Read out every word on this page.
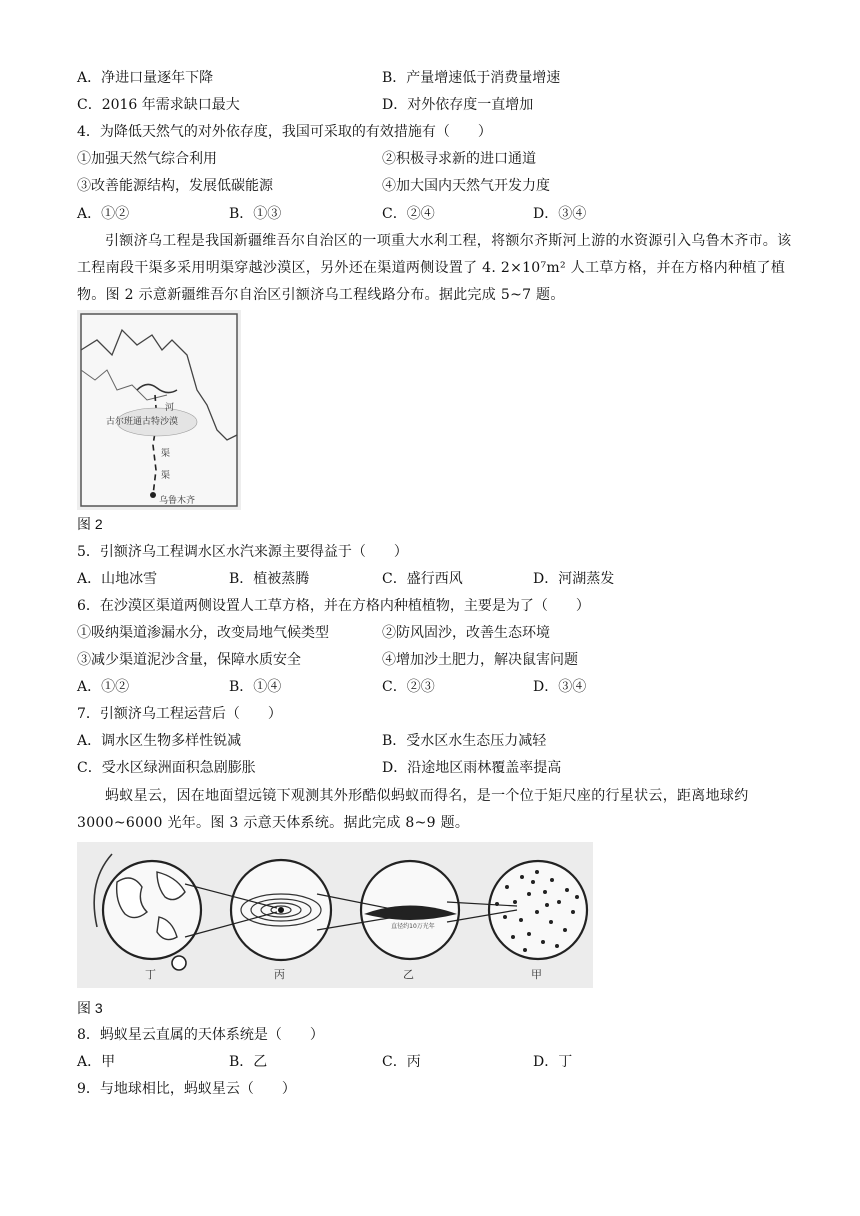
A．净进口量逐年下降	B．产量增速低于消费量增速
C．2016 年需求缺口最大	D．对外依存度一直增加
4．为降低天然气的对外依存度，我国可采取的有效措施有（　　）
①加强天然气综合利用	②积极寻求新的进口通道
③改善能源结构，发展低碳能源	④加大国内天然气开发力度
A．①②	B．①③	C．②④	D．③④
引额济乌工程是我国新疆维吾尔自治区的一项重大水利工程，将额尔齐斯河上游的水资源引入乌鲁木齐市。该工程南段干渠多采用明渠穿越沙漠区，另外还在渠道两侧设置了 4. 2×10⁷m² 人工草方格，并在方格内种植了植物。图 2 示意新疆维吾尔自治区引额济乌工程线路分布。据此完成 5~7 题。
古尔班通古特沙漠
乌鲁木齐
河
渠
渠
图 2
5．引额济乌工程调水区水汽来源主要得益于（　　）
A．山地冰雪	B．植被蒸腾	C．盛行西风	D．河湖蒸发
6．在沙漠区渠道两侧设置人工草方格，并在方格内种植植物，主要是为了（　　）
①吸纳渠道渗漏水分，改变局地气候类型	②防风固沙，改善生态环境
③减少渠道泥沙含量，保障水质安全	④增加沙土肥力，解决鼠害问题
A．①②	B．①④	C．②③	D．③④
7．引额济乌工程运营后（　　）
A．调水区生物多样性锐减	B．受水区水生态压力减轻
C．受水区绿洲面积急剧膨胀	D．沿途地区雨林覆盖率提高
蚂蚁星云，因在地面望远镜下观测其外形酷似蚂蚁而得名，是一个位于矩尺座的行星状云，距离地球约 3000~6000 光年。图 3 示意天体系统。据此完成 8~9 题。
直径约10万光年
丁	丙	乙	甲
图 3
8．蚂蚁星云直属的天体系统是（　　）
A．甲	B．乙	C．丙	D．丁
9．与地球相比，蚂蚁星云（　　）
